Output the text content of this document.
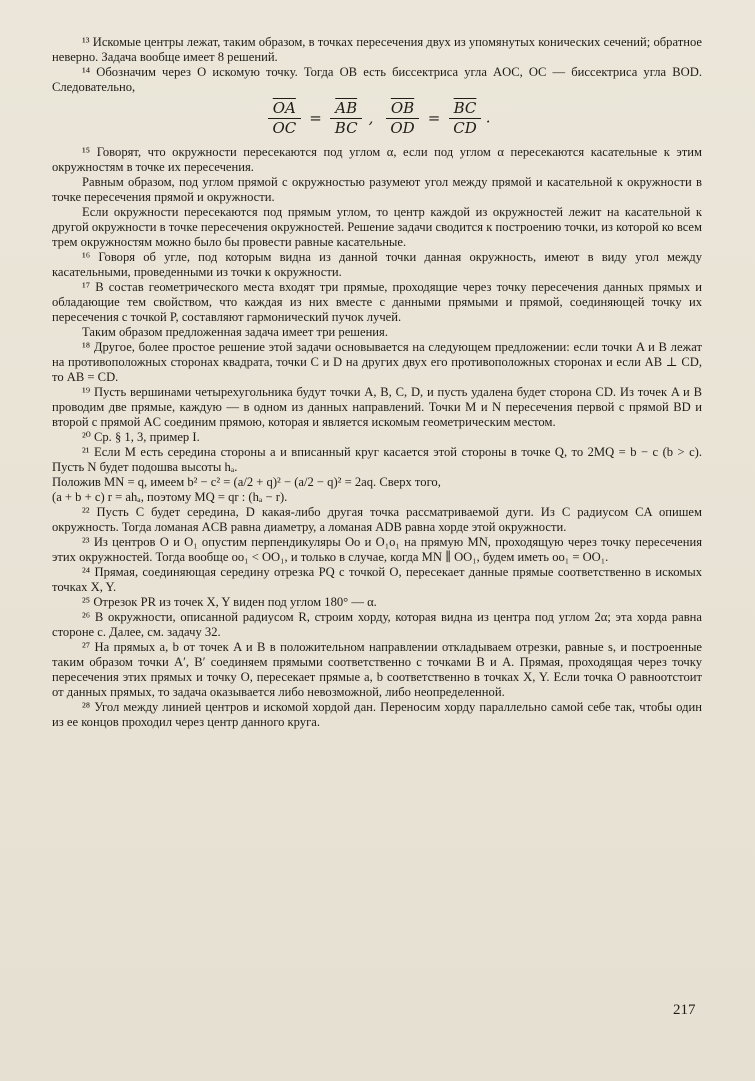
¹³ Искомые центры лежат, таким образом, в точках пересечения двух из упомянутых конических сечений; обратное неверно. Задача вообще имеет 8 решений.

¹⁴ Обозначим через O искомую точку. Тогда OB есть биссектриса угла AOC, OC — биссектриса угла BOD. Следовательно,

$\frac{\overline{OA}}{OC} = \frac{\overline{AB}}{BC}$ , $\frac{\overline{OB}}{OD} = \frac{\overline{BC}}{CD}$ .

¹⁵ Говорят, что окружности пересекаются под углом α, если под углом α пересекаются касательные к этим окружностям в точке их пересечения.

Равным образом, под углом прямой с окружностью разумеют угол между прямой и касательной к окружности в точке пересечения прямой и окружности.

Если окружности пересекаются под прямым углом, то центр каждой из окружностей лежит на касательной к другой окружности в точке пересечения окружностей. Решение задачи сводится к построению точки, из которой ко всем трем окружностям можно было бы провести равные касательные.

¹⁶ Говоря об угле, под которым видна из данной точки данная окружность, имеют в виду угол между касательными, проведенными из точки к окружности.

¹⁷ В состав геометрического места входят три прямые, проходящие через точку пересечения данных прямых и обладающие тем свойством, что каждая из них вместе с данными прямыми и прямой, соединяющей точку их пересечения с точкой P, составляют гармонический пучок лучей.

Таким образом предложенная задача имеет три решения.

¹⁸ Другое, более простое решение этой задачи основывается на следующем предложении: если точки A и B лежат на противоположных сторонах квадрата, точки C и D на других двух его противоположных сторонах и если AB ⊥ CD, то AB = CD.

¹⁹ Пусть вершинами четырехугольника будут точки A, B, C, D, и пусть удалена будет сторона CD. Из точек A и B проводим две прямые, каждую — в одном из данных направлений. Точки M и N пересечения первой с прямой BD и второй с прямой AC соединим прямою, которая и является искомым геометрическим местом.

²⁰ Ср. § 1, 3, пример I.

²¹ Если M есть середина стороны a и вписанный круг касается этой стороны в точке Q, то 2MQ = b − c (b > c). Пусть N будет подошва высоты hₐ.

Положив MN = q, имеем b² − c² = (a/2 + q)² − (a/2 − q)² = 2aq. Сверх того,

(a + b + c) r = ahₐ, поэтому MQ = qr : (hₐ − r).

²² Пусть C будет середина, D какая-либо другая точка рассматриваемой дуги. Из C радиусом CA опишем окружность. Тогда ломаная ACB равна диаметру, а ломаная ADB равна хорде этой окружности.

²³ Из центров O и O₁ опустим перпендикуляры Oo и O₁o₁ на прямую MN, проходящую через точку пересечения этих окружностей. Тогда вообще oo₁ < OO₁, и только в случае, когда MN ∥ OO₁, будем иметь oo₁ = OO₁.

²⁴ Прямая, соединяющая середину отрезка PQ с точкой O, пересекает данные прямые соответственно в искомых точках X, Y.

²⁵ Отрезок PR из точек X, Y виден под углом 180° — α.

²⁶ В окружности, описанной радиусом R, строим хорду, которая видна из центра под углом 2α; эта хорда равна стороне c. Далее, см. задачу 32.

²⁷ На прямых a, b от точек A и B в положительном направлении откладываем отрезки, равные s, и построенные таким образом точки A′, B′ соединяем прямыми соответственно с точками B и A. Прямая, проходящая через точку пересечения этих прямых и точку O, пересекает прямые a, b соответственно в точках X, Y. Если точка O равноотстоит от данных прямых, то задача оказывается либо невозможной, либо неопределенной.

²⁸ Угол между линией центров и искомой хордой дан. Переносим хорду параллельно самой себе так, чтобы один из ее концов проходил через центр данного круга.

217
